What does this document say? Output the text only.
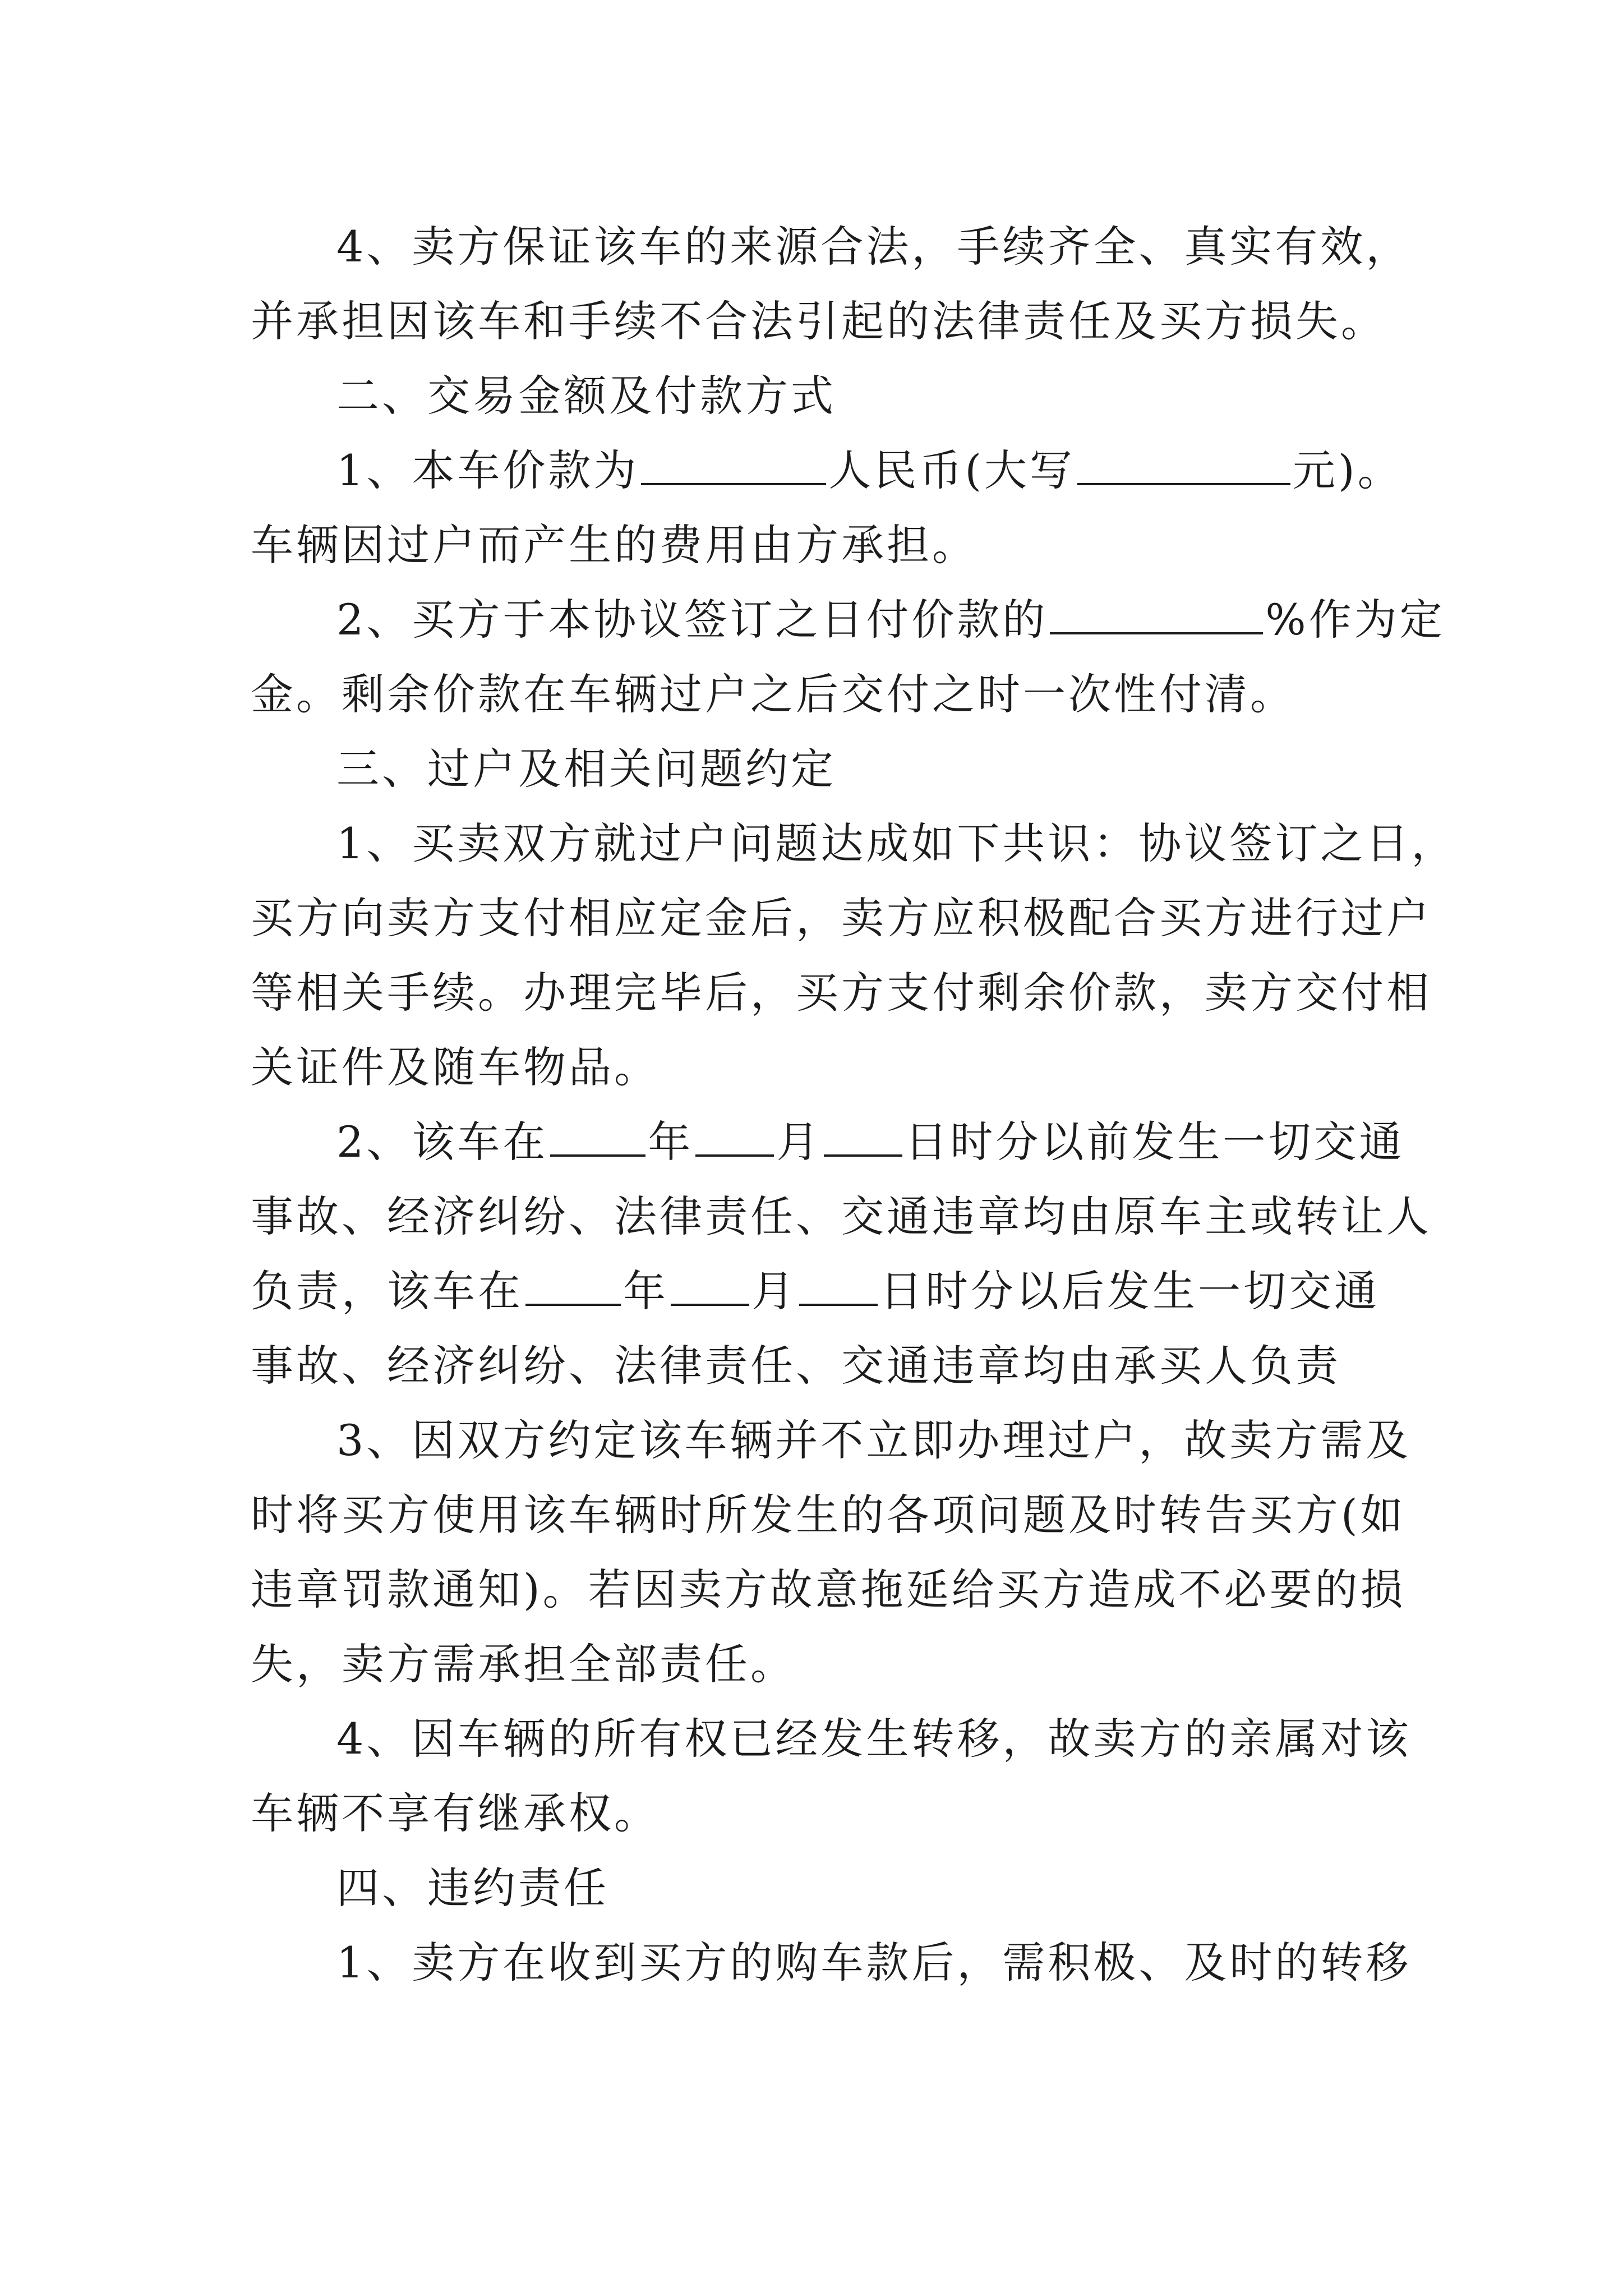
4、卖方保证该车的来源合法，手续齐全、真实有效，
并承担因该车和手续不合法引起的法律责任及买方损失。
二、交易金额及付款方式
1、本车价款为	人民币(大写	元)。
车辆因过户而产生的费用由方承担。
2、买方于本协议签订之日付价款的	%作为定
金。剩余价款在车辆过户之后交付之时一次性付清。
三、过户及相关问题约定
1、买卖双方就过户问题达成如下共识：协议签订之日，
买方向卖方支付相应定金后，卖方应积极配合买方进行过户
等相关手续。办理完毕后，买方支付剩余价款，卖方交付相
关证件及随车物品。
2、该车在 年 月 日时分以前发生一切交通
事故、经济纠纷、法律责任、交通违章均由原车主或转让人
负责，该车在 年 月 日时分以后发生一切交通
事故、经济纠纷、法律责任、交通违章均由承买人负责
3、因双方约定该车辆并不立即办理过户，故卖方需及
时将买方使用该车辆时所发生的各项问题及时转告买方(如
违章罚款通知)。若因卖方故意拖延给买方造成不必要的损
失，卖方需承担全部责任。
4、因车辆的所有权已经发生转移，故卖方的亲属对该
车辆不享有继承权。
四、违约责任
1、卖方在收到买方的购车款后，需积极、及时的转移
